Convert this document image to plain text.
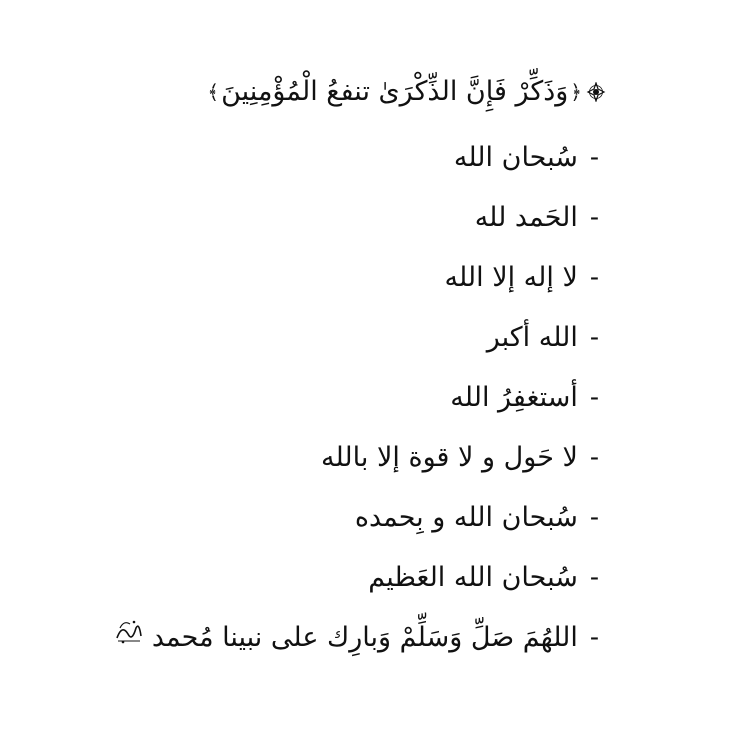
﴿
وَذَكِّرْ فَإِنَّ الذِّكْرَىٰ تنفعُ الْمُؤْمِنِينَ
﴾
-
سُبحان الله
-
الحَمد لله
-
لا إله إلا الله
-
الله أكبر
-
أستغفِرُ الله
-
لا حَول و لا قوة إلا بالله
-
سُبحان الله و بِحمده
-
سُبحان الله العَظيم
-
اللهُمَ صَلِّ وَسَلِّمْ وَبارِك على نبينا مُحمد
